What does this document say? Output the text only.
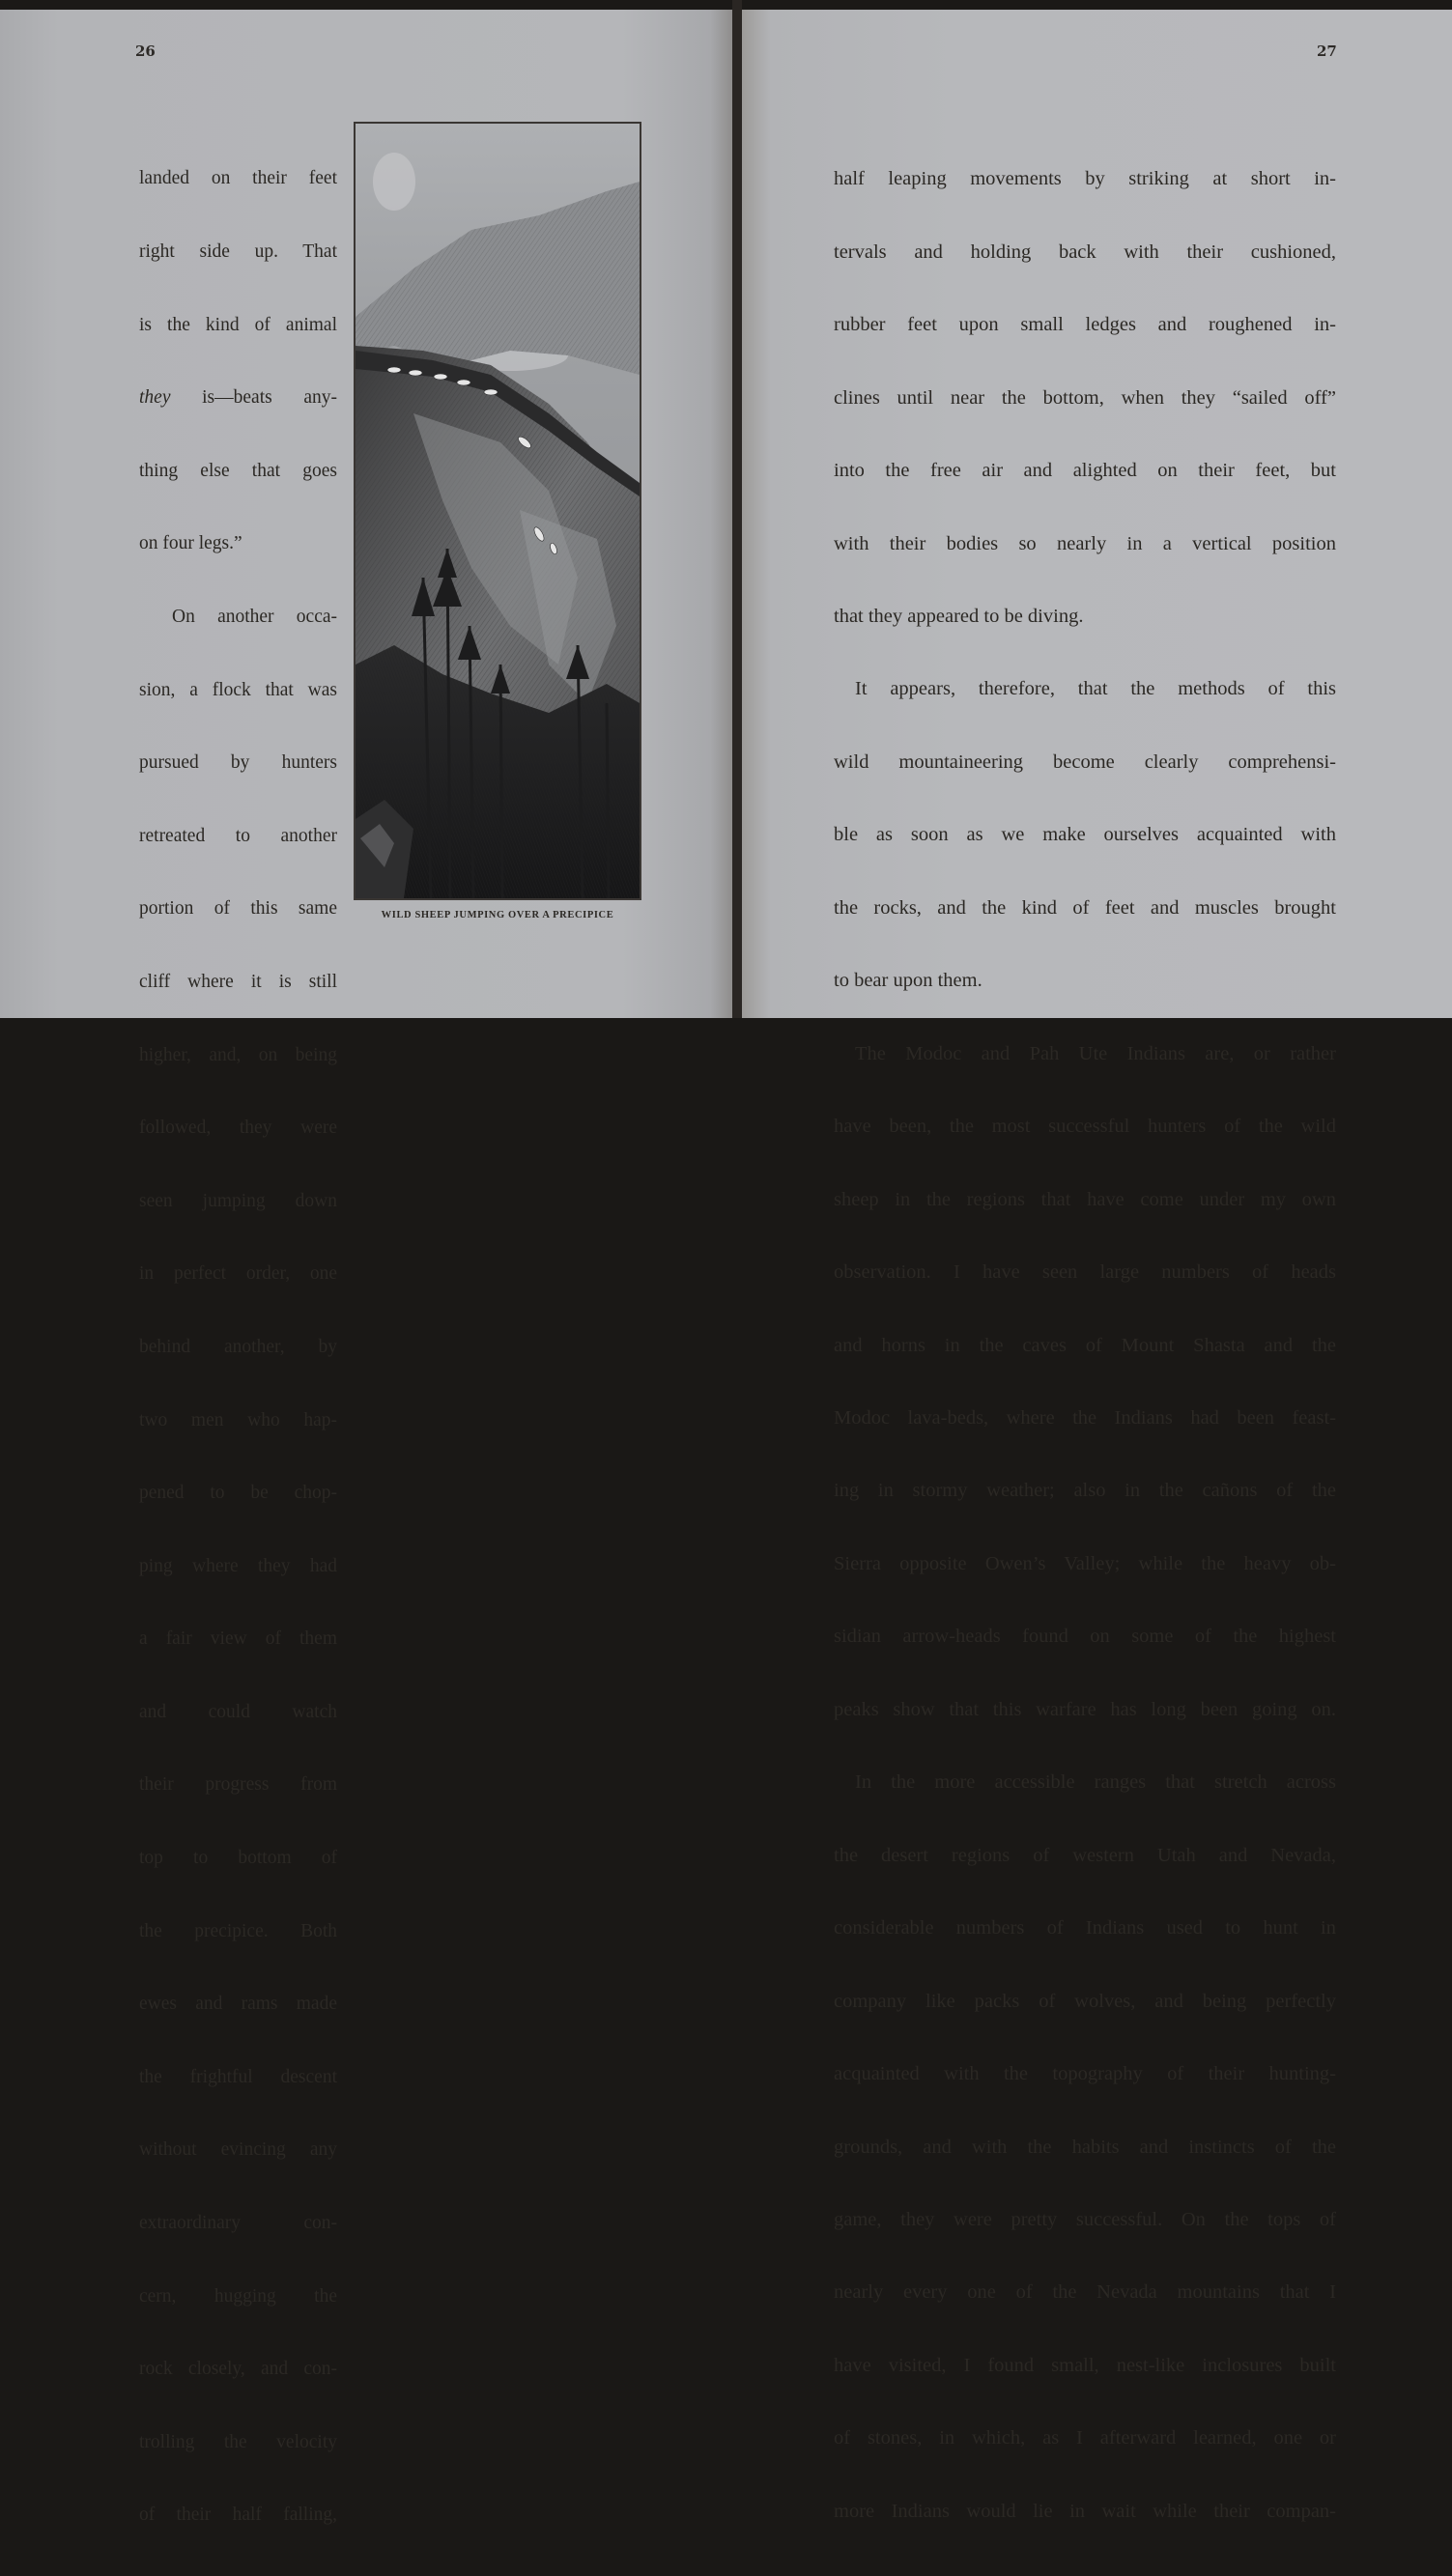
26

landed on their feet

right side up. That

is the kind of animal

they is—beats any-

thing else that goes

on four legs.”

On another occa-

sion, a flock that was

pursued by hunters

retreated to another

portion of this same

cliff where it is still

higher, and, on being

followed, they were

seen jumping down

in perfect order, one

behind another, by

two men who hap-

pened to be chop-

ping where they had

a fair view of them

and could watch

their progress from

top to bottom of

the precipice. Both

ewes and rams made

the frightful descent

without evincing any

extraordinary con-

cern, hugging the

rock closely, and con-

trolling the velocity

of their half falling,

WILD SHEEP JUMPING OVER A PRECIPICE
27

half leaping movements by striking at short in-

tervals and holding back with their cushioned,

rubber feet upon small ledges and roughened in-

clines until near the bottom, when they “sailed off”

into the free air and alighted on their feet, but

with their bodies so nearly in a vertical position

that they appeared to be diving.

It appears, therefore, that the methods of this

wild mountaineering become clearly comprehensi-

ble as soon as we make ourselves acquainted with

the rocks, and the kind of feet and muscles brought

to bear upon them.

The Modoc and Pah Ute Indians are, or rather

have been, the most successful hunters of the wild

sheep in the regions that have come under my own

observation. I have seen large numbers of heads

and horns in the caves of Mount Shasta and the

Modoc lava-beds, where the Indians had been feast-

ing in stormy weather; also in the cañons of the

Sierra opposite Owen’s Valley; while the heavy ob-

sidian arrow-heads found on some of the highest

peaks show that this warfare has long been going on.

In the more accessible ranges that stretch across

the desert regions of western Utah and Nevada,

considerable numbers of Indians used to hunt in

company like packs of wolves, and being perfectly

acquainted with the topography of their hunting-

grounds, and with the habits and instincts of the

game, they were pretty successful. On the tops of

nearly every one of the Nevada mountains that I

have visited, I found small, nest-like inclosures built

of stones, in which, as I afterward learned, one or

more Indians would lie in wait while their compan-
